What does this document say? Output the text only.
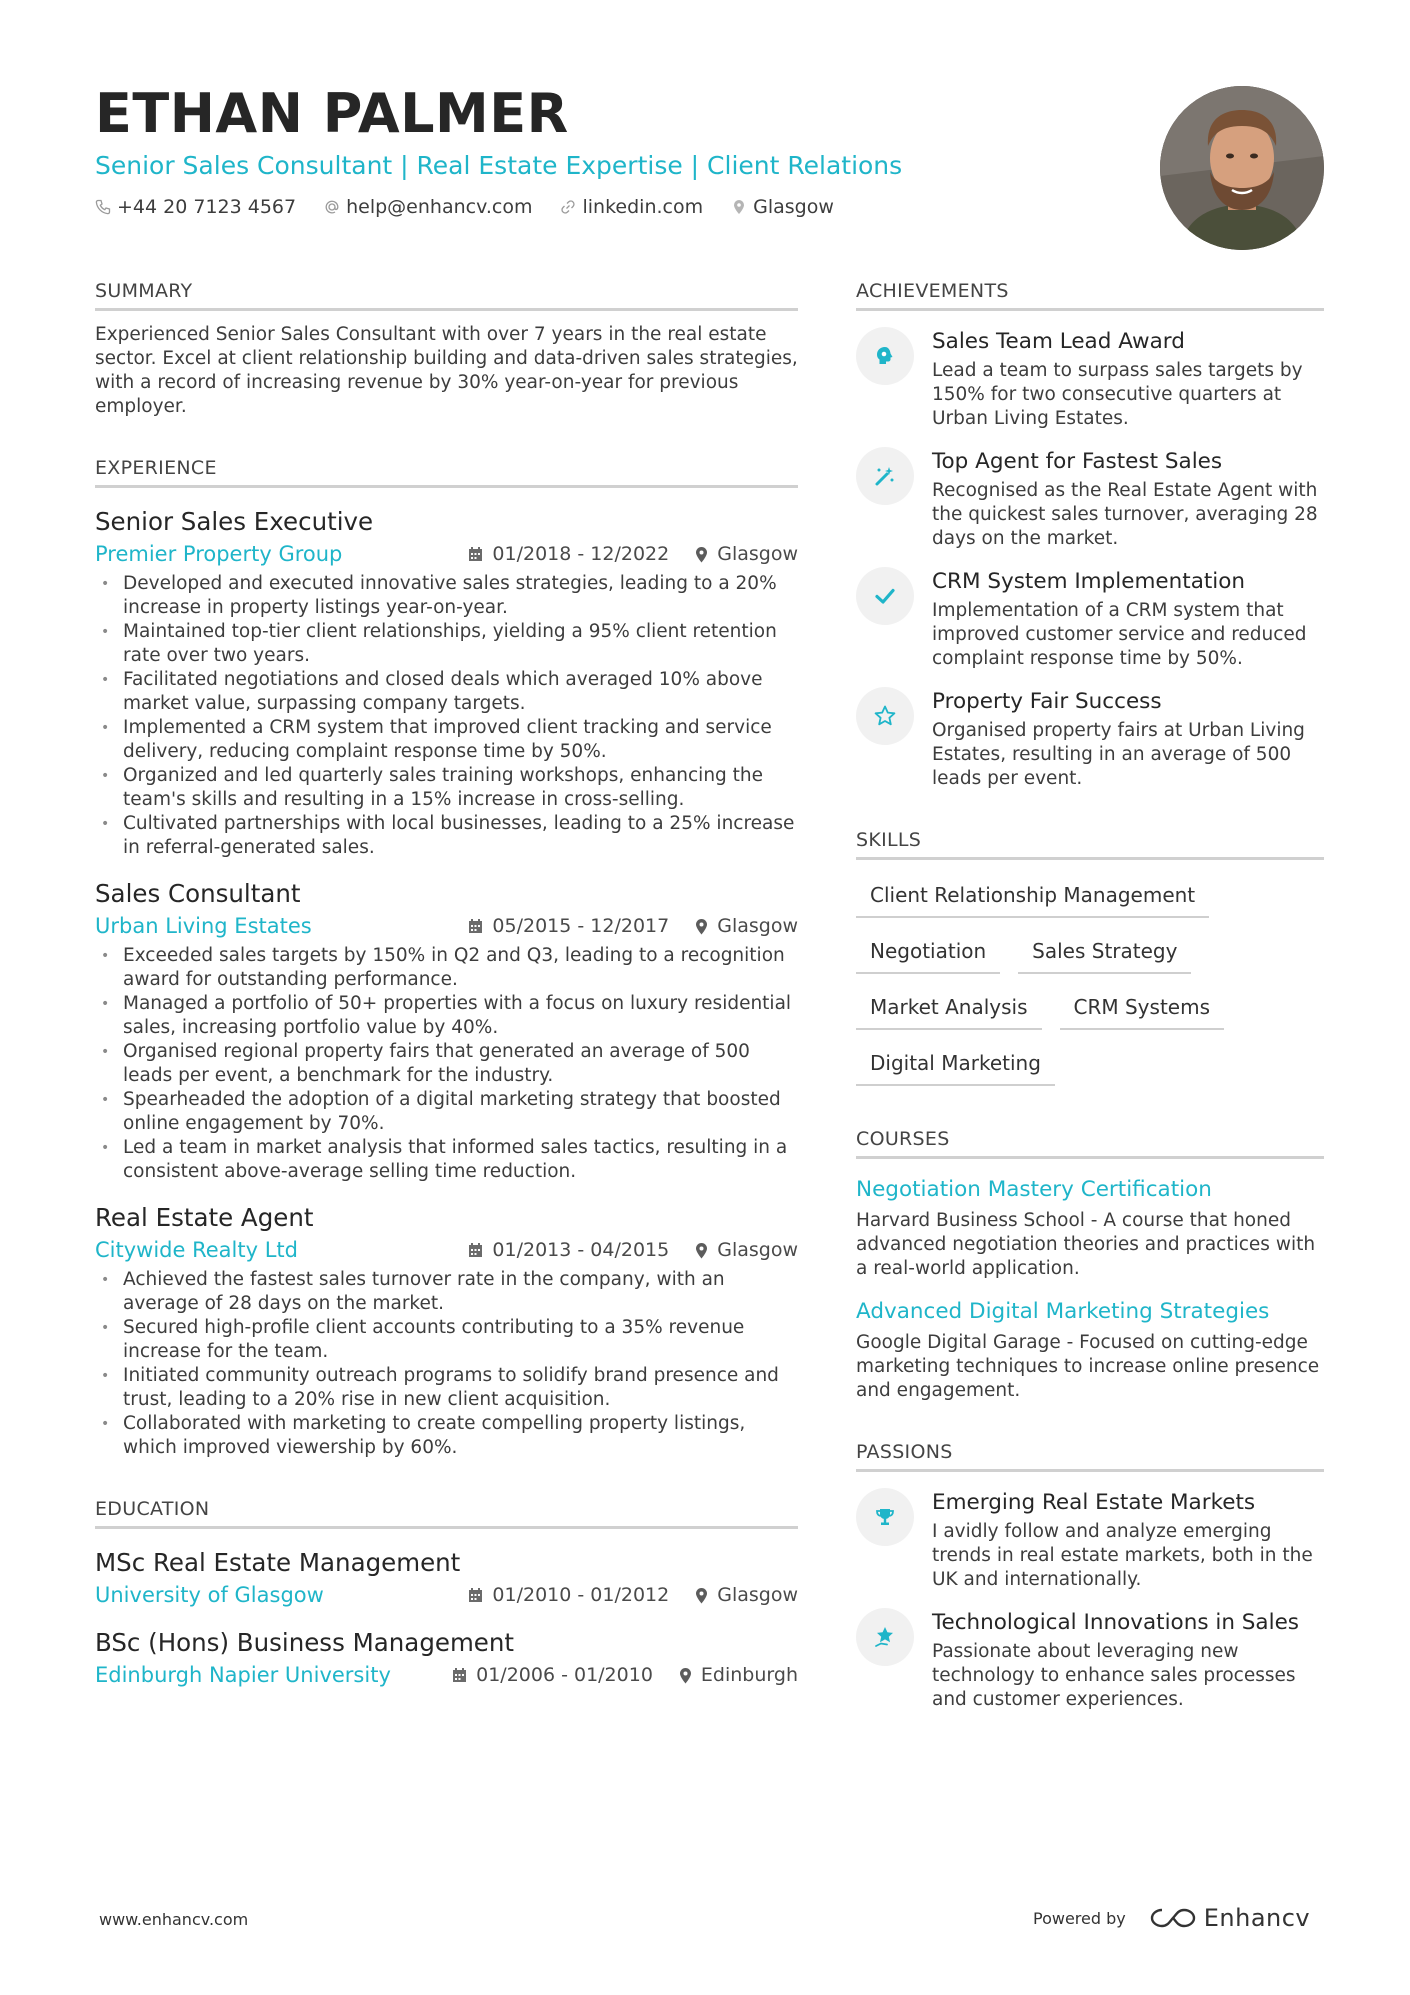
ETHAN PALMER
Senior Sales Consultant | Real Estate Expertise | Client Relations
+44 20 7123 4567	help@enhancv.com	linkedin.com	Glasgow
SUMMARY
Experienced Senior Sales Consultant with over 7 years in the real estate sector. Excel at client relationship building and data-driven sales strategies, with a record of increasing revenue by 30% year-on-year for previous employer.
EXPERIENCE
Senior Sales Executive
Premier Property Group	01/2018 - 12/2022	Glasgow
• Developed and executed innovative sales strategies, leading to a 20% increase in property listings year-on-year.
• Maintained top-tier client relationships, yielding a 95% client retention rate over two years.
• Facilitated negotiations and closed deals which averaged 10% above market value, surpassing company targets.
• Implemented a CRM system that improved client tracking and service delivery, reducing complaint response time by 50%.
• Organized and led quarterly sales training workshops, enhancing the team's skills and resulting in a 15% increase in cross-selling.
• Cultivated partnerships with local businesses, leading to a 25% increase in referral-generated sales.
Sales Consultant
Urban Living Estates	05/2015 - 12/2017	Glasgow
• Exceeded sales targets by 150% in Q2 and Q3, leading to a recognition award for outstanding performance.
• Managed a portfolio of 50+ properties with a focus on luxury residential sales, increasing portfolio value by 40%.
• Organised regional property fairs that generated an average of 500 leads per event, a benchmark for the industry.
• Spearheaded the adoption of a digital marketing strategy that boosted online engagement by 70%.
• Led a team in market analysis that informed sales tactics, resulting in a consistent above-average selling time reduction.
Real Estate Agent
Citywide Realty Ltd	01/2013 - 04/2015	Glasgow
• Achieved the fastest sales turnover rate in the company, with an average of 28 days on the market.
• Secured high-profile client accounts contributing to a 35% revenue increase for the team.
• Initiated community outreach programs to solidify brand presence and trust, leading to a 20% rise in new client acquisition.
• Collaborated with marketing to create compelling property listings, which improved viewership by 60%.
EDUCATION
MSc Real Estate Management
University of Glasgow	01/2010 - 01/2012	Glasgow
BSc (Hons) Business Management
Edinburgh Napier University	01/2006 - 01/2010	Edinburgh
ACHIEVEMENTS
Sales Team Lead Award
Lead a team to surpass sales targets by 150% for two consecutive quarters at Urban Living Estates.
Top Agent for Fastest Sales
Recognised as the Real Estate Agent with the quickest sales turnover, averaging 28 days on the market.
CRM System Implementation
Implementation of a CRM system that improved customer service and reduced complaint response time by 50%.
Property Fair Success
Organised property fairs at Urban Living Estates, resulting in an average of 500 leads per event.
SKILLS
Client Relationship Management
Negotiation	Sales Strategy
Market Analysis	CRM Systems
Digital Marketing
COURSES
Negotiation Mastery Certification
Harvard Business School - A course that honed advanced negotiation theories and practices with a real-world application.
Advanced Digital Marketing Strategies
Google Digital Garage - Focused on cutting-edge marketing techniques to increase online presence and engagement.
PASSIONS
Emerging Real Estate Markets
I avidly follow and analyze emerging trends in real estate markets, both in the UK and internationally.
Technological Innovations in Sales
Passionate about leveraging new technology to enhance sales processes and customer experiences.
www.enhancv.com	Powered by	Enhancv
